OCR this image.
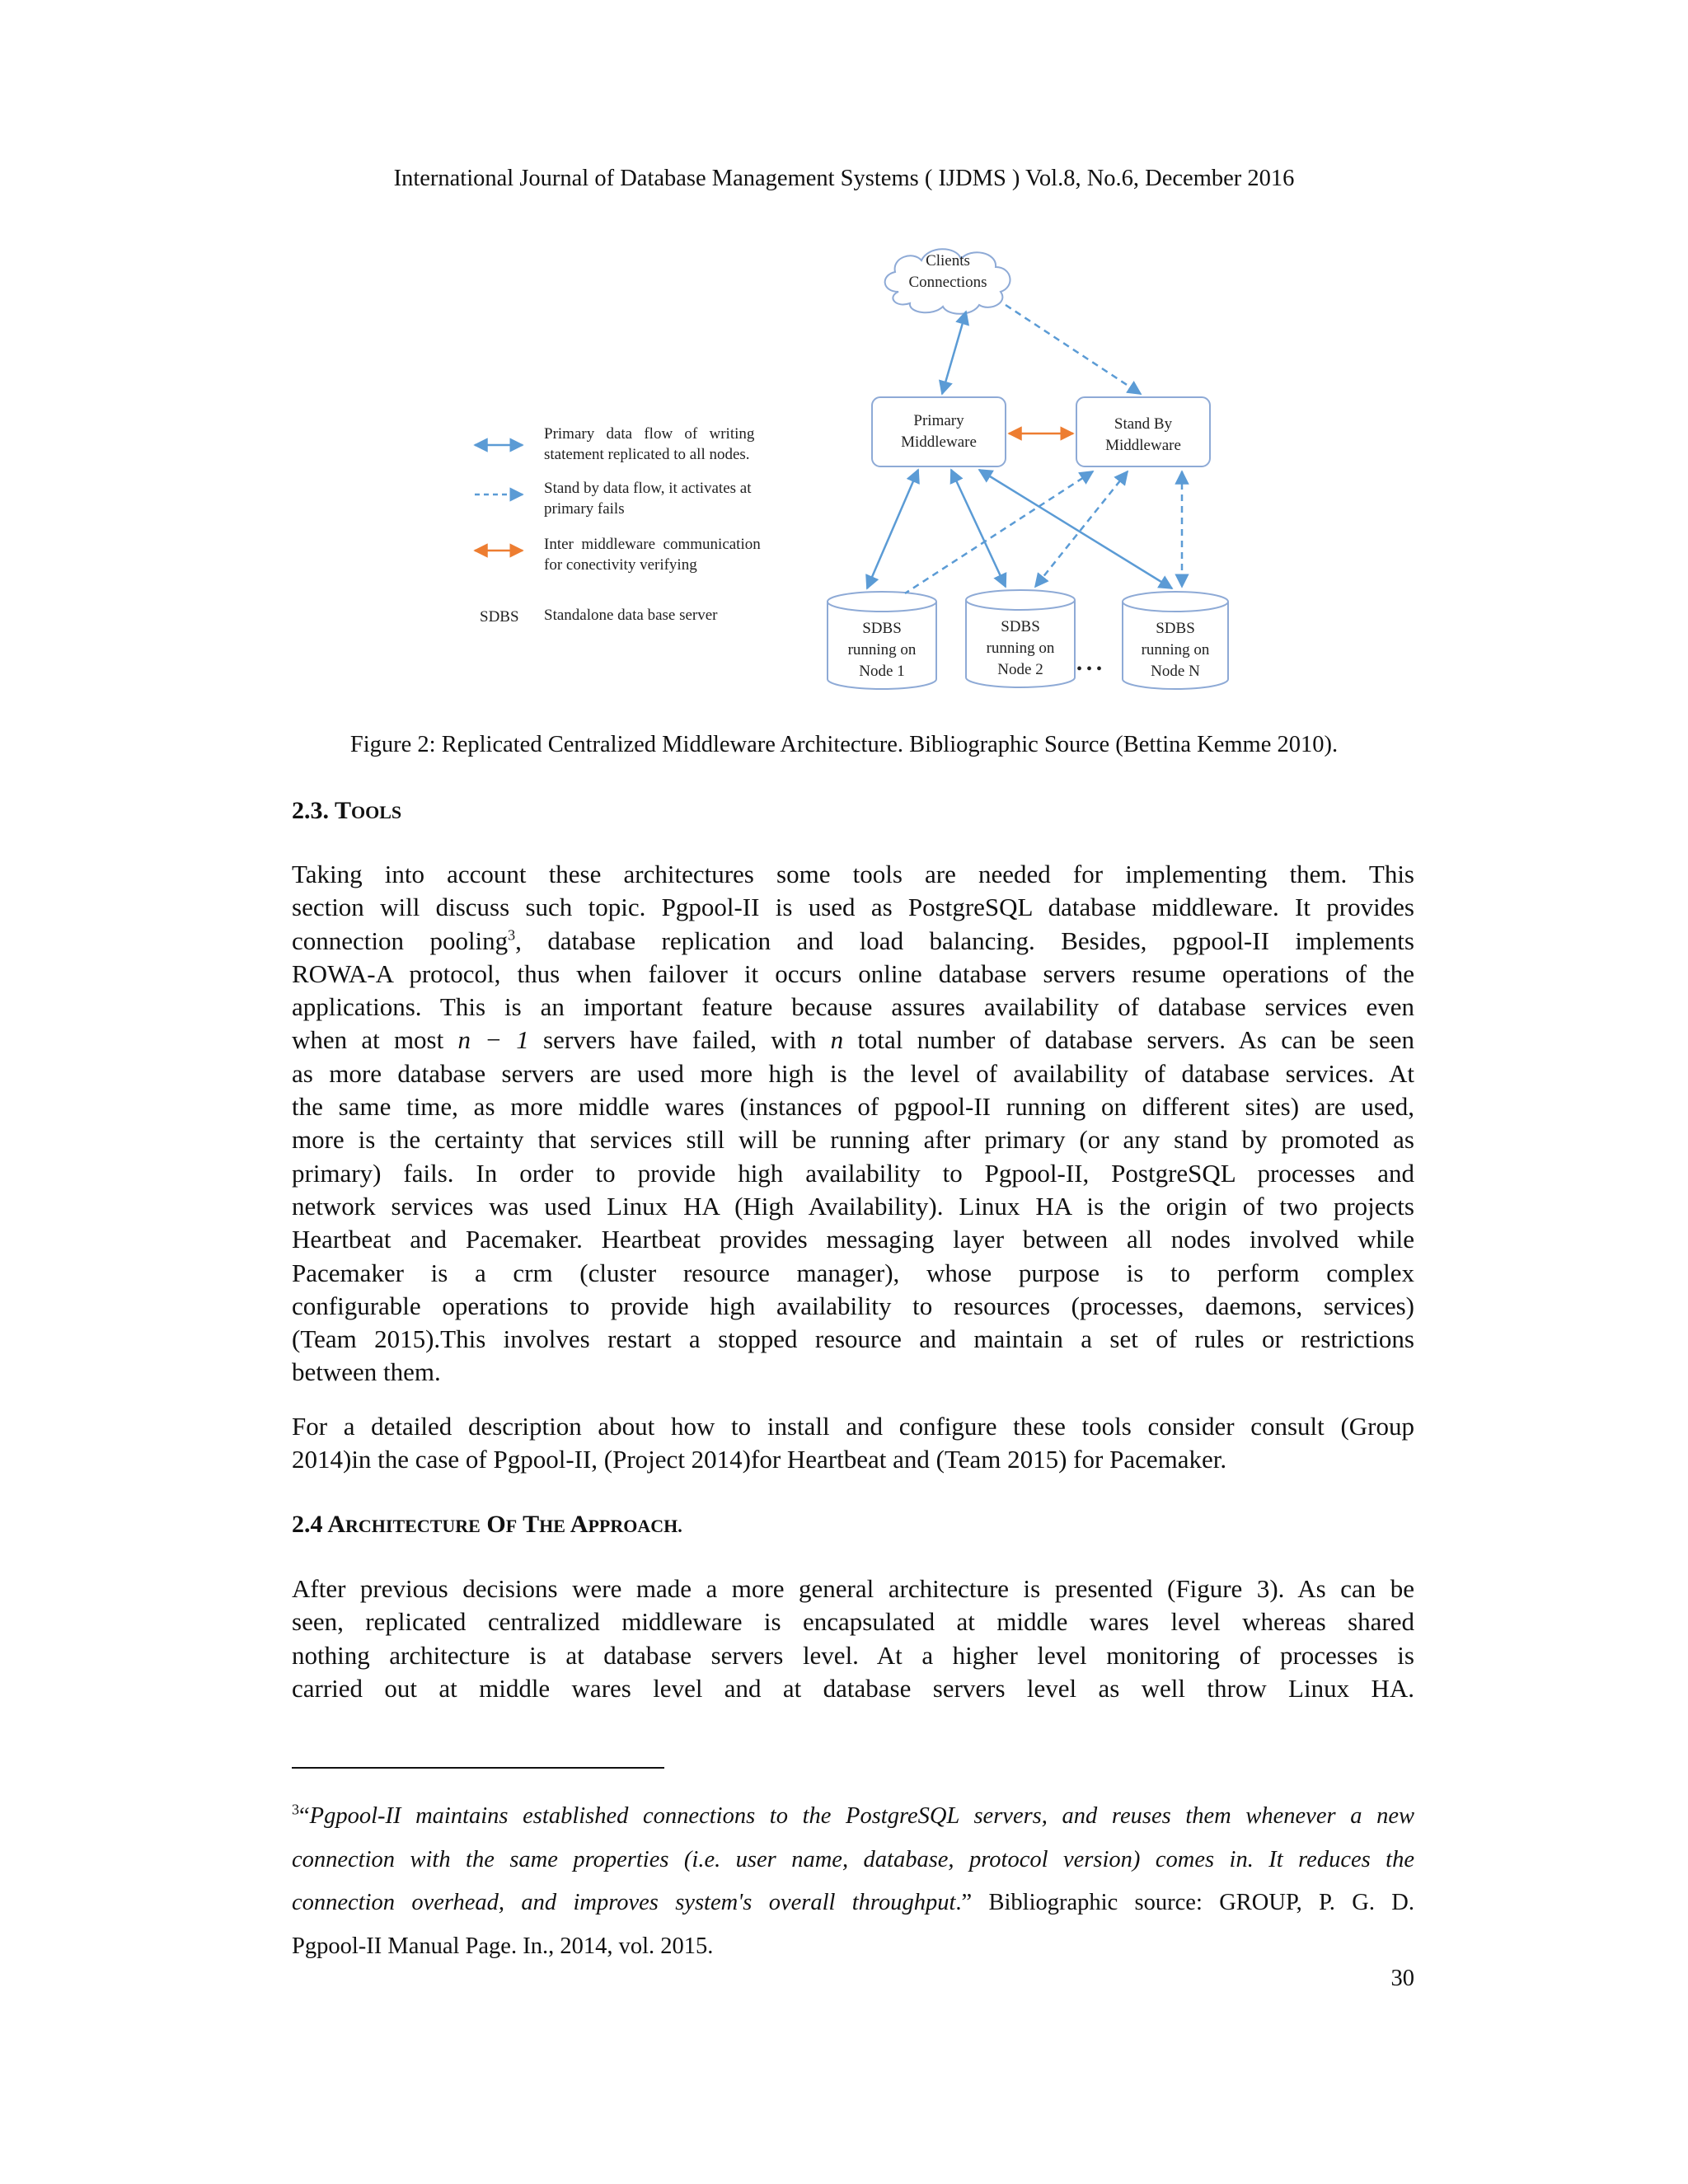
International Journal of Database Management Systems ( IJDMS ) Vol.8, No.6, December 2016
Clients
Connections
Primary
Middleware
Stand By
Middleware
SDBS
running on
Node 1
SDBS
running on
Node 2 • • •
SDBS
running on
Node N
Primary   data   flow   of   writing
statement replicated to all nodes.
Stand by data flow, it activates at
primary fails
Inter  middleware  communication
for conectivity verifying
SDBS Standalone data base server
Figure 2: Replicated Centralized Middleware Architecture. Bibliographic Source (Bettina Kemme 2010).
2.3. TOOLS
Taking into account these architectures some tools are needed for implementing them. This
section will discuss such topic. Pgpool-II is used as PostgreSQL database middleware. It provides
connection pooling$^3$, database replication and load balancing. Besides, pgpool-II implements
ROWA-A protocol, thus when failover it occurs online database servers resume operations of the
applications. This is an important feature because assures availability of database services even
when at most n − 1 servers have failed, with n total number of database servers. As can be seen
as more database servers are used more high is the level of availability of database services. At
the same time, as more middle wares (instances of pgpool-II running on different sites) are used,
more is the certainty that services still will be running after primary (or any stand by promoted as
primary) fails. In order to provide high availability to Pgpool-II, PostgreSQL processes and
network services was used Linux HA (High Availability). Linux HA is the origin of two projects
Heartbeat and Pacemaker. Heartbeat provides messaging layer between all nodes involved while
Pacemaker is a crm (cluster resource manager), whose purpose is to perform complex
configurable operations to provide high availability to resources (processes, daemons, services)
(Team 2015).This involves restart a stopped resource and maintain a set of rules or restrictions
between them.
For a detailed description about how to install and configure these tools consider consult (Group
2014)in the case of Pgpool-II, (Project 2014)for Heartbeat and (Team 2015) for Pacemaker.
2.4 ARCHITECTURE OF THE APPROACH.
After previous decisions were made a more general architecture is presented (Figure 3). As can be
seen, replicated centralized middleware is encapsulated at middle wares level whereas shared
nothing architecture is at database servers level. At a higher level monitoring of processes is
carried out at middle wares level and at database servers level as well throw Linux HA.
$^3$“Pgpool-II maintains established connections to the PostgreSQL servers, and reuses them whenever a new
connection with the same properties (i.e. user name, database, protocol version) comes in. It reduces the
connection overhead, and improves system's overall throughput.” Bibliographic source: GROUP, P. G. D.
Pgpool-II Manual Page. In., 2014, vol. 2015.
30
